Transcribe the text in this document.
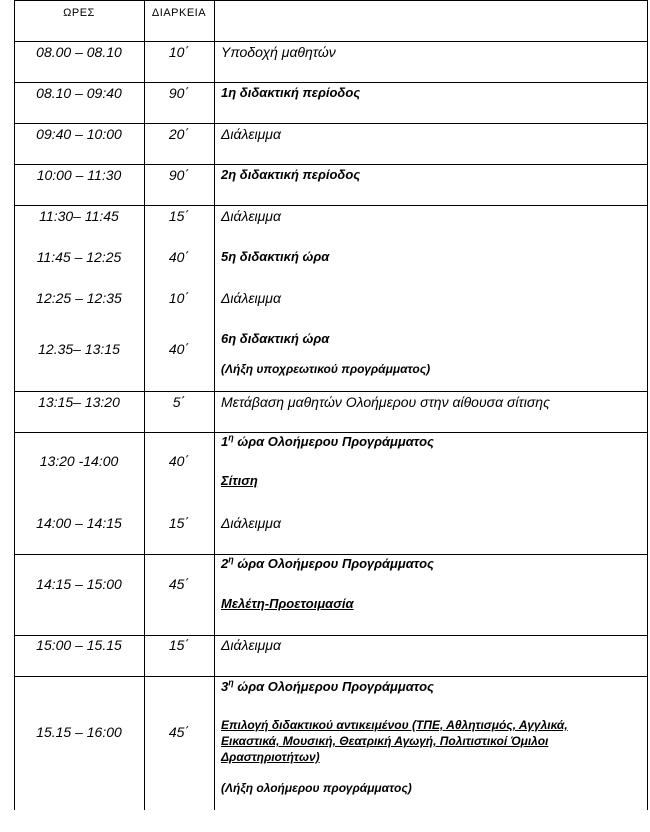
ΩΡΕΣ	ΔΙΑΡΚΕΙΑ
08.00 – 08.10	10΄	Υποδοχή μαθητών
08.10 – 09:40	90΄	1η διδακτική περίοδος
09:40 – 10:00	20΄	Διάλειμμα
10:00 – 11:30	90΄	2η διδακτική περίοδος
11:30– 11:45	15΄	Διάλειμμα
11:45 – 12:25	40΄	5η διδακτική ώρα
12:25 – 12:35	10΄	Διάλειμμα
12.35– 13:15	40΄
6η διδακτική ώρα
(Λήξη υποχρεωτικού προγράμματος)
13:15– 13:20	5΄	Μετάβαση μαθητών Ολοήμερου στην αίθουσα σίτισης
13:20 -14:00	40΄
$1^\eta$ ώρα Ολοήμερου Προγράμματος
Σίτιση
14:00 – 14:15	15΄	Διάλειμμα
14:15 – 15:00	45΄
$2^\eta$ ώρα Ολοήμερου Προγράμματος
Μελέτη-Προετοιμασία
15:00 – 15.15	15΄	Διάλειμμα
15.15 – 16:00	45΄
$3^\eta$ ώρα Ολοήμερου Προγράμματος
Επιλογή διδακτικού αντικειμένου (ΤΠΕ, Αθλητισμός, Αγγλικά,
Εικαστικά, Μουσική, Θεατρική Αγωγή, Πολιτιστικοί Όμιλοι
Δραστηριοτήτων)
(Λήξη ολοήμερου προγράμματος)
